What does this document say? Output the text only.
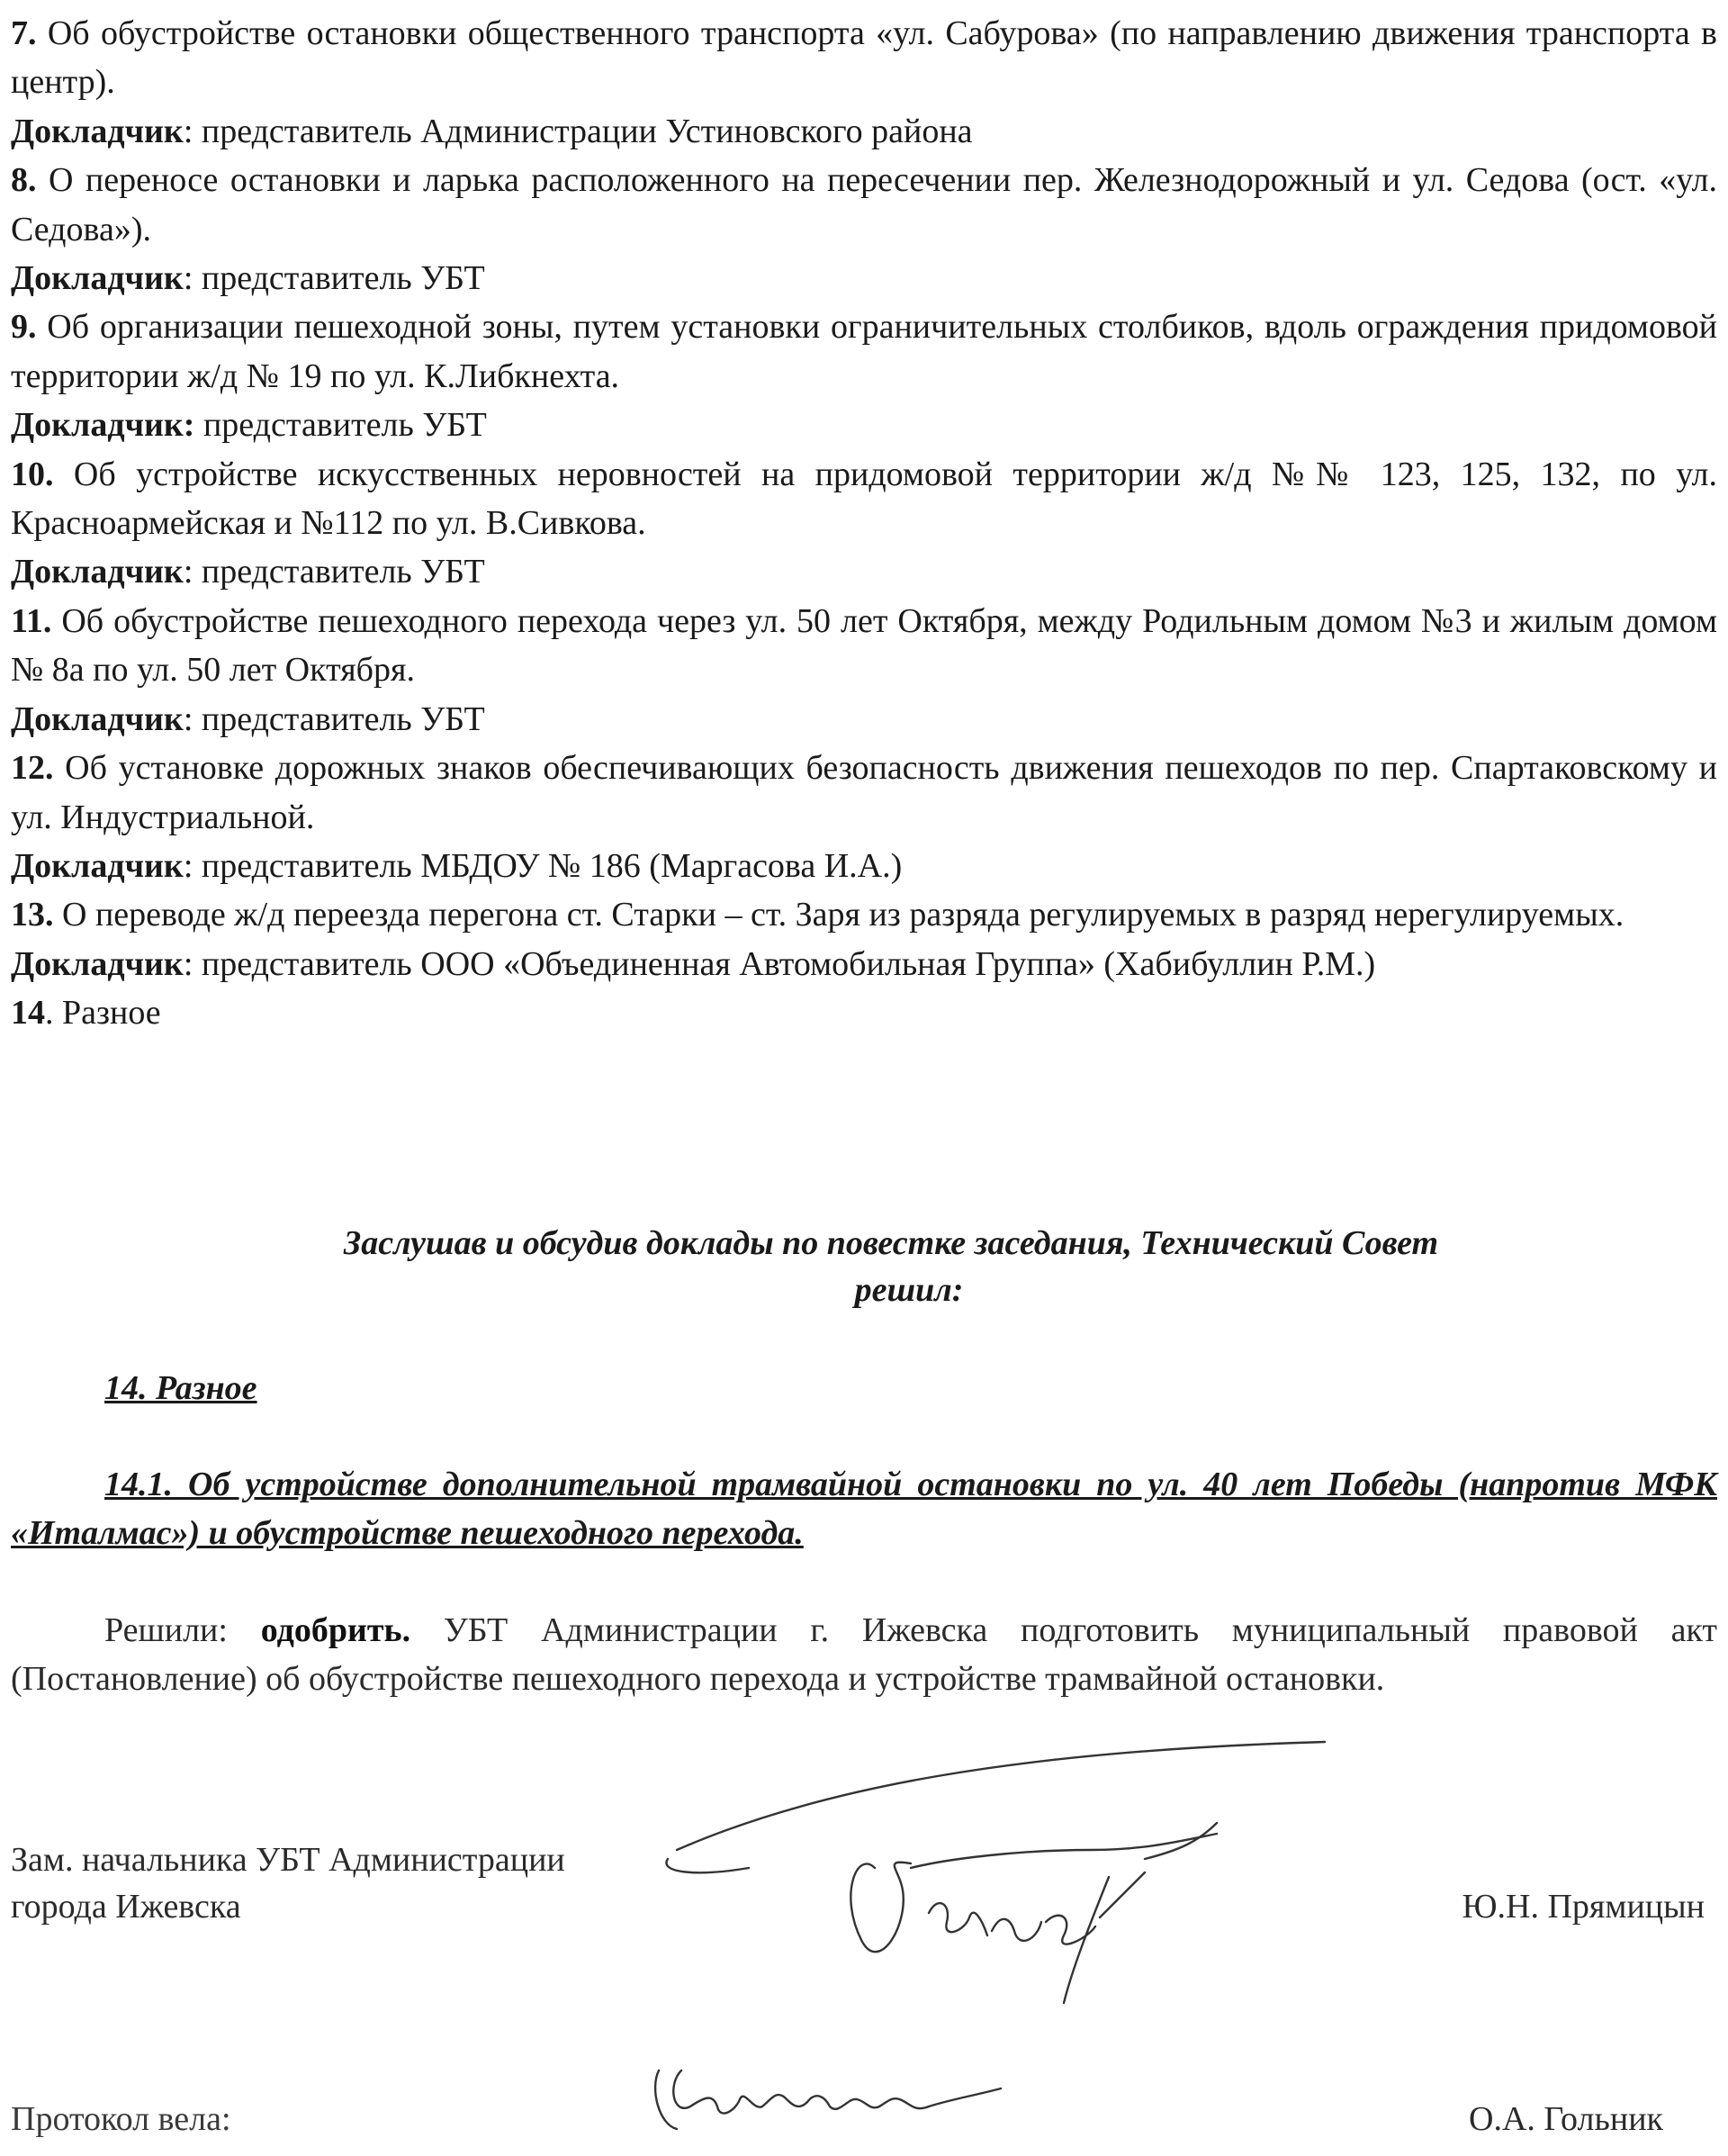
7. Об обустройстве остановки общественного транспорта «ул. Сабурова» (по направлению движения транспорта в центр).

Докладчик: представитель Администрации Устиновского района

8. О переносе остановки и ларька расположенного на пересечении пер. Железнодорожный и ул. Седова (ост. «ул. Седова»).

Докладчик: представитель УБТ

9. Об организации пешеходной зоны, путем установки ограничительных столбиков, вдоль ограждения придомовой территории ж/д № 19 по ул. К.Либкнехта.

Докладчик: представитель УБТ

10. Об устройстве искусственных неровностей на придомовой территории ж/д №№ 123, 125, 132, по ул. Красноармейская и №112 по ул. В.Сивкова.

Докладчик: представитель УБТ

11. Об обустройстве пешеходного перехода через ул. 50 лет Октября, между Родильным домом №3 и жилым домом № 8а по ул. 50 лет Октября.

Докладчик: представитель УБТ

12. Об установке дорожных знаков обеспечивающих безопасность движения пешеходов по пер. Спартаковскому и ул. Индустриальной.

Докладчик: представитель МБДОУ № 186 (Маргасова И.А.)

13. О переводе ж/д переезда перегона ст. Старки – ст. Заря из разряда регулируемых в разряд нерегулируемых.

Докладчик: представитель ООО «Объединенная Автомобильная Группа» (Хабибуллин Р.М.)

14. Разное

Заслушав и обсудив доклады по повестке заседания, Технический Совет
решил:
14. Разное
14.1. Об устройстве дополнительной трамвайной остановки по ул. 40 лет Победы (напротив МФК «Италмас») и обустройстве пешеходного перехода.
Решили: одобрить. УБТ Администрации г. Ижевска подготовить муниципальный правовой акт (Постановление) об обустройстве пешеходного перехода и устройстве трамвайной остановки.
Зам. начальника УБТ Администрации
города Ижевска	Ю.Н. Прямицын
Протокол вела:	О.А. Гольник
